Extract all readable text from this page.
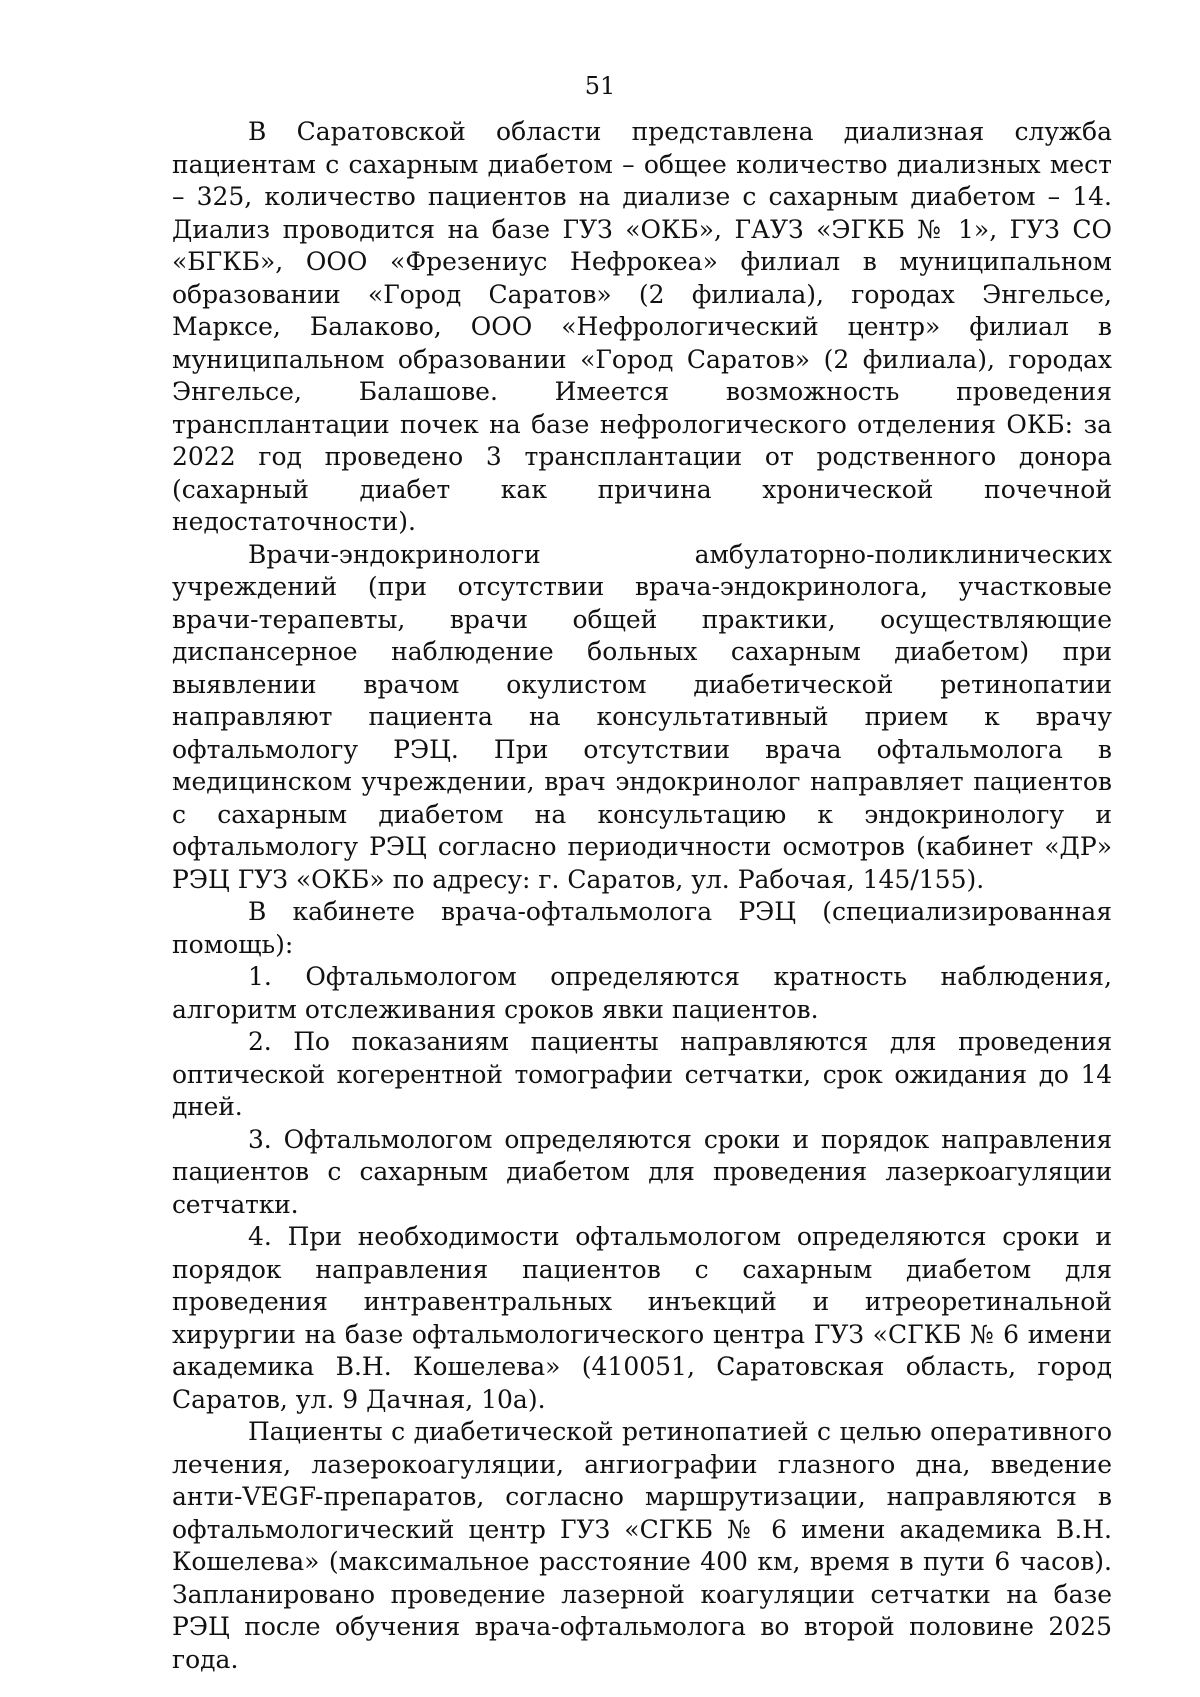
51

В Саратовской области представлена диализная служба пациентам с сахарным диабетом – общее количество диализных мест – 325, количество пациентов на диализе с сахарным диабетом – 14. Диализ проводится на базе ГУЗ «ОКБ», ГАУЗ «ЭГКБ № 1», ГУЗ СО «БГКБ», ООО «Фрезениус Нефрокеа» филиал в муниципальном образовании «Город Саратов» (2 филиала), городах Энгельсе, Марксе, Балаково, ООО «Нефрологический центр» филиал в муниципальном образовании «Город Саратов» (2 филиала), городах Энгельсе, Балашове. Имеется возможность проведения трансплантации почек на базе нефрологического отделения ОКБ: за 2022 год проведено 3 трансплантации от родственного донора (сахарный диабет как причина хронической почечной недостаточности).

Врачи-эндокринологи амбулаторно-поликлинических учреждений (при отсутствии врача-эндокринолога, участковые врачи-терапевты, врачи общей практики, осуществляющие диспансерное наблюдение больных сахарным диабетом) при выявлении врачом окулистом диабетической ретинопатии направляют пациента на консультативный прием к врачу офтальмологу РЭЦ. При отсутствии врача офтальмолога в медицинском учреждении, врач эндокринолог направляет пациентов с сахарным диабетом на консультацию к эндокринологу и офтальмологу РЭЦ согласно периодичности осмотров (кабинет «ДР» РЭЦ ГУЗ «ОКБ» по адресу: г. Саратов, ул. Рабочая, 145/155).

В кабинете врача-офтальмолога РЭЦ (специализированная помощь):

1. Офтальмологом определяются кратность наблюдения, алгоритм отслеживания сроков явки пациентов.

2. По показаниям пациенты направляются для проведения оптической когерентной томографии сетчатки, срок ожидания до 14 дней.

3. Офтальмологом определяются сроки и порядок направления пациентов с сахарным диабетом для проведения лазеркоагуляции сетчатки.

4. При необходимости офтальмологом определяются сроки и порядок направления пациентов с сахарным диабетом для проведения интравентральных инъекций и итреоретинальной хирургии на базе офтальмологического центра ГУЗ «СГКБ № 6 имени академика В.Н. Кошелева» (410051, Саратовская область, город Саратов, ул. 9 Дачная, 10а).

Пациенты с диабетической ретинопатией с целью оперативного лечения, лазерокоагуляции, ангиографии глазного дна, введение анти-VEGF-препаратов, согласно маршрутизации, направляются в офтальмологический центр ГУЗ «СГКБ № 6 имени академика В.Н. Кошелева» (максимальное расстояние 400 км, время в пути 6 часов). Запланировано проведение лазерной коагуляции сетчатки на базе РЭЦ после обучения врача-офтальмолога во второй половине 2025 года.
